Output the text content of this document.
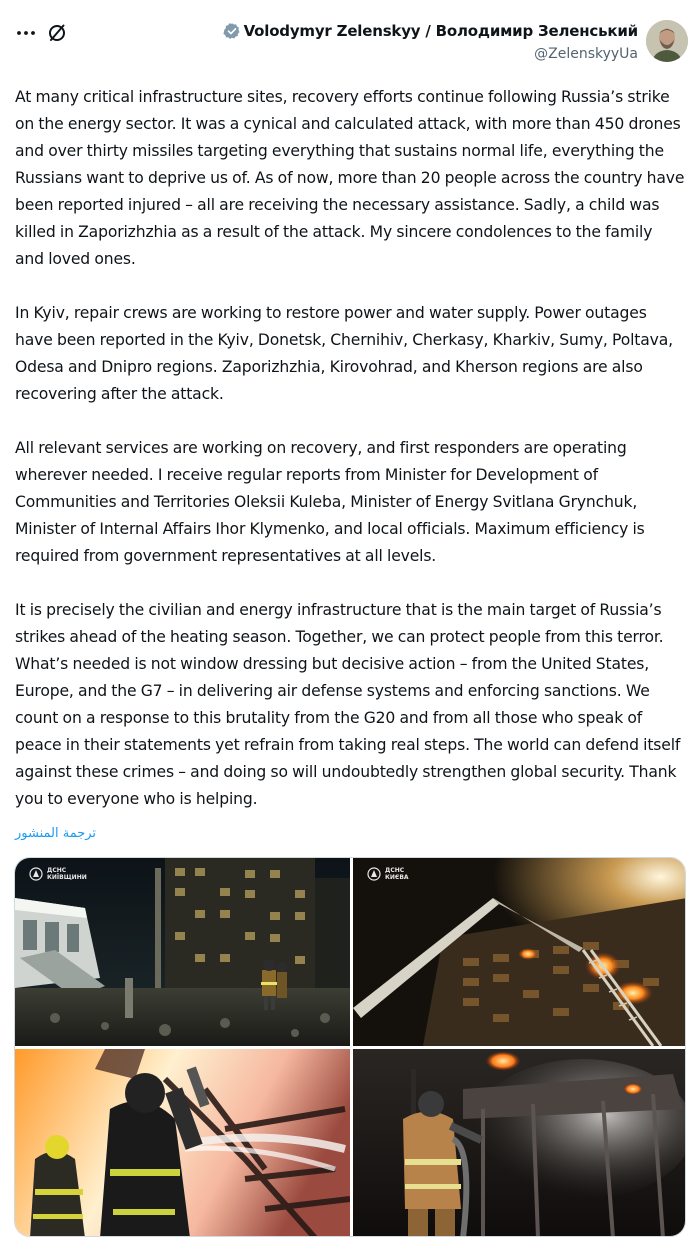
Volodymyr Zelenskyy / Володимир Зеленський
@ZelenskyyUa

At many critical infrastructure sites, recovery efforts continue following Russia’s strike on the energy sector. It was a cynical and calculated attack, with more than 450 drones and over thirty missiles targeting everything that sustains normal life, everything the Russians want to deprive us of. As of now, more than 20 people across the country have been reported injured – all are receiving the necessary assistance. Sadly, a child was killed in Zaporizhzhia as a result of the attack. My sincere condolences to the family and loved ones.

In Kyiv, repair crews are working to restore power and water supply. Power outages have been reported in the Kyiv, Donetsk, Chernihiv, Cherkasy, Kharkiv, Sumy, Poltava, Odesa and Dnipro regions. Zaporizhzhia, Kirovohrad, and Kherson regions are also recovering after the attack.

All relevant services are working on recovery, and first responders are operating wherever needed. I receive regular reports from Minister for Development of Communities and Territories Oleksii Kuleba, Minister of Energy Svitlana Grynchuk, Minister of Internal Affairs Ihor Klymenko, and local officials. Maximum efficiency is required from government representatives at all levels.

It is precisely the civilian and energy infrastructure that is the main target of Russia’s strikes ahead of the heating season. Together, we can protect people from this terror. What’s needed is not window dressing but decisive action – from the United States, Europe, and the G7 – in delivering air defense systems and enforcing sanctions. We count on a response to this brutality from the G20 and from all those who speak of peace in their statements yet refrain from taking real steps. The world can defend itself against these crimes – and doing so will undoubtedly strengthen global security. Thank you to everyone who is helping.

ترجمة المنشور
ДСНС
КИЇВЩИНИ
ДСНС
КИЄВА
